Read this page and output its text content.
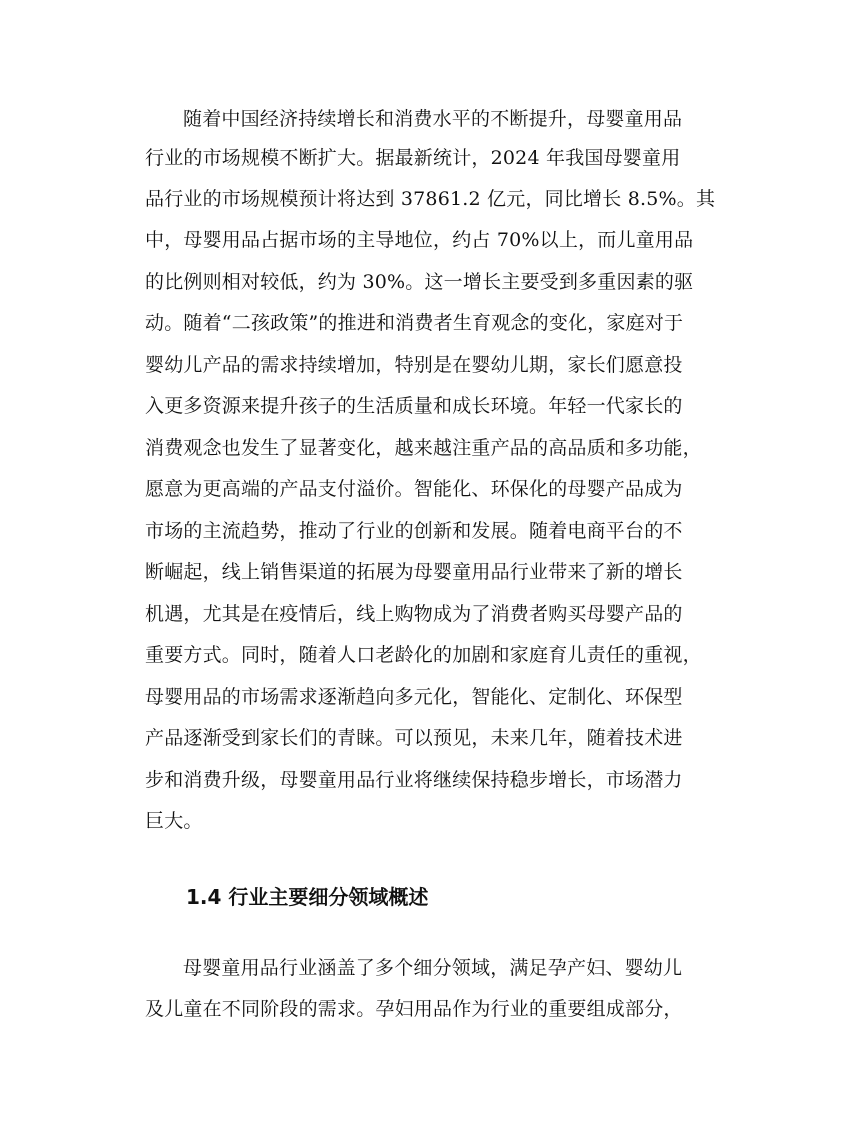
随着中国经济持续增长和消费水平的不断提升，母婴童用品
行业的市场规模不断扩大。据最新统计，2024 年我国母婴童用
品行业的市场规模预计将达到 37861.2 亿元，同比增长 8.5%。其
中，母婴用品占据市场的主导地位，约占 70%以上，而儿童用品
的比例则相对较低，约为 30%。这一增长主要受到多重因素的驱
动。随着“二孩政策”的推进和消费者生育观念的变化，家庭对于
婴幼儿产品的需求持续增加，特别是在婴幼儿期，家长们愿意投
入更多资源来提升孩子的生活质量和成长环境。年轻一代家长的
消费观念也发生了显著变化，越来越注重产品的高品质和多功能，
愿意为更高端的产品支付溢价。智能化、环保化的母婴产品成为
市场的主流趋势，推动了行业的创新和发展。随着电商平台的不
断崛起，线上销售渠道的拓展为母婴童用品行业带来了新的增长
机遇，尤其是在疫情后，线上购物成为了消费者购买母婴产品的
重要方式。同时，随着人口老龄化的加剧和家庭育儿责任的重视，
母婴用品的市场需求逐渐趋向多元化，智能化、定制化、环保型
产品逐渐受到家长们的青睐。可以预见，未来几年，随着技术进
步和消费升级，母婴童用品行业将继续保持稳步增长，市场潜力
巨大。
1.4 行业主要细分领域概述
母婴童用品行业涵盖了多个细分领域，满足孕产妇、婴幼儿
及儿童在不同阶段的需求。孕妇用品作为行业的重要组成部分，
